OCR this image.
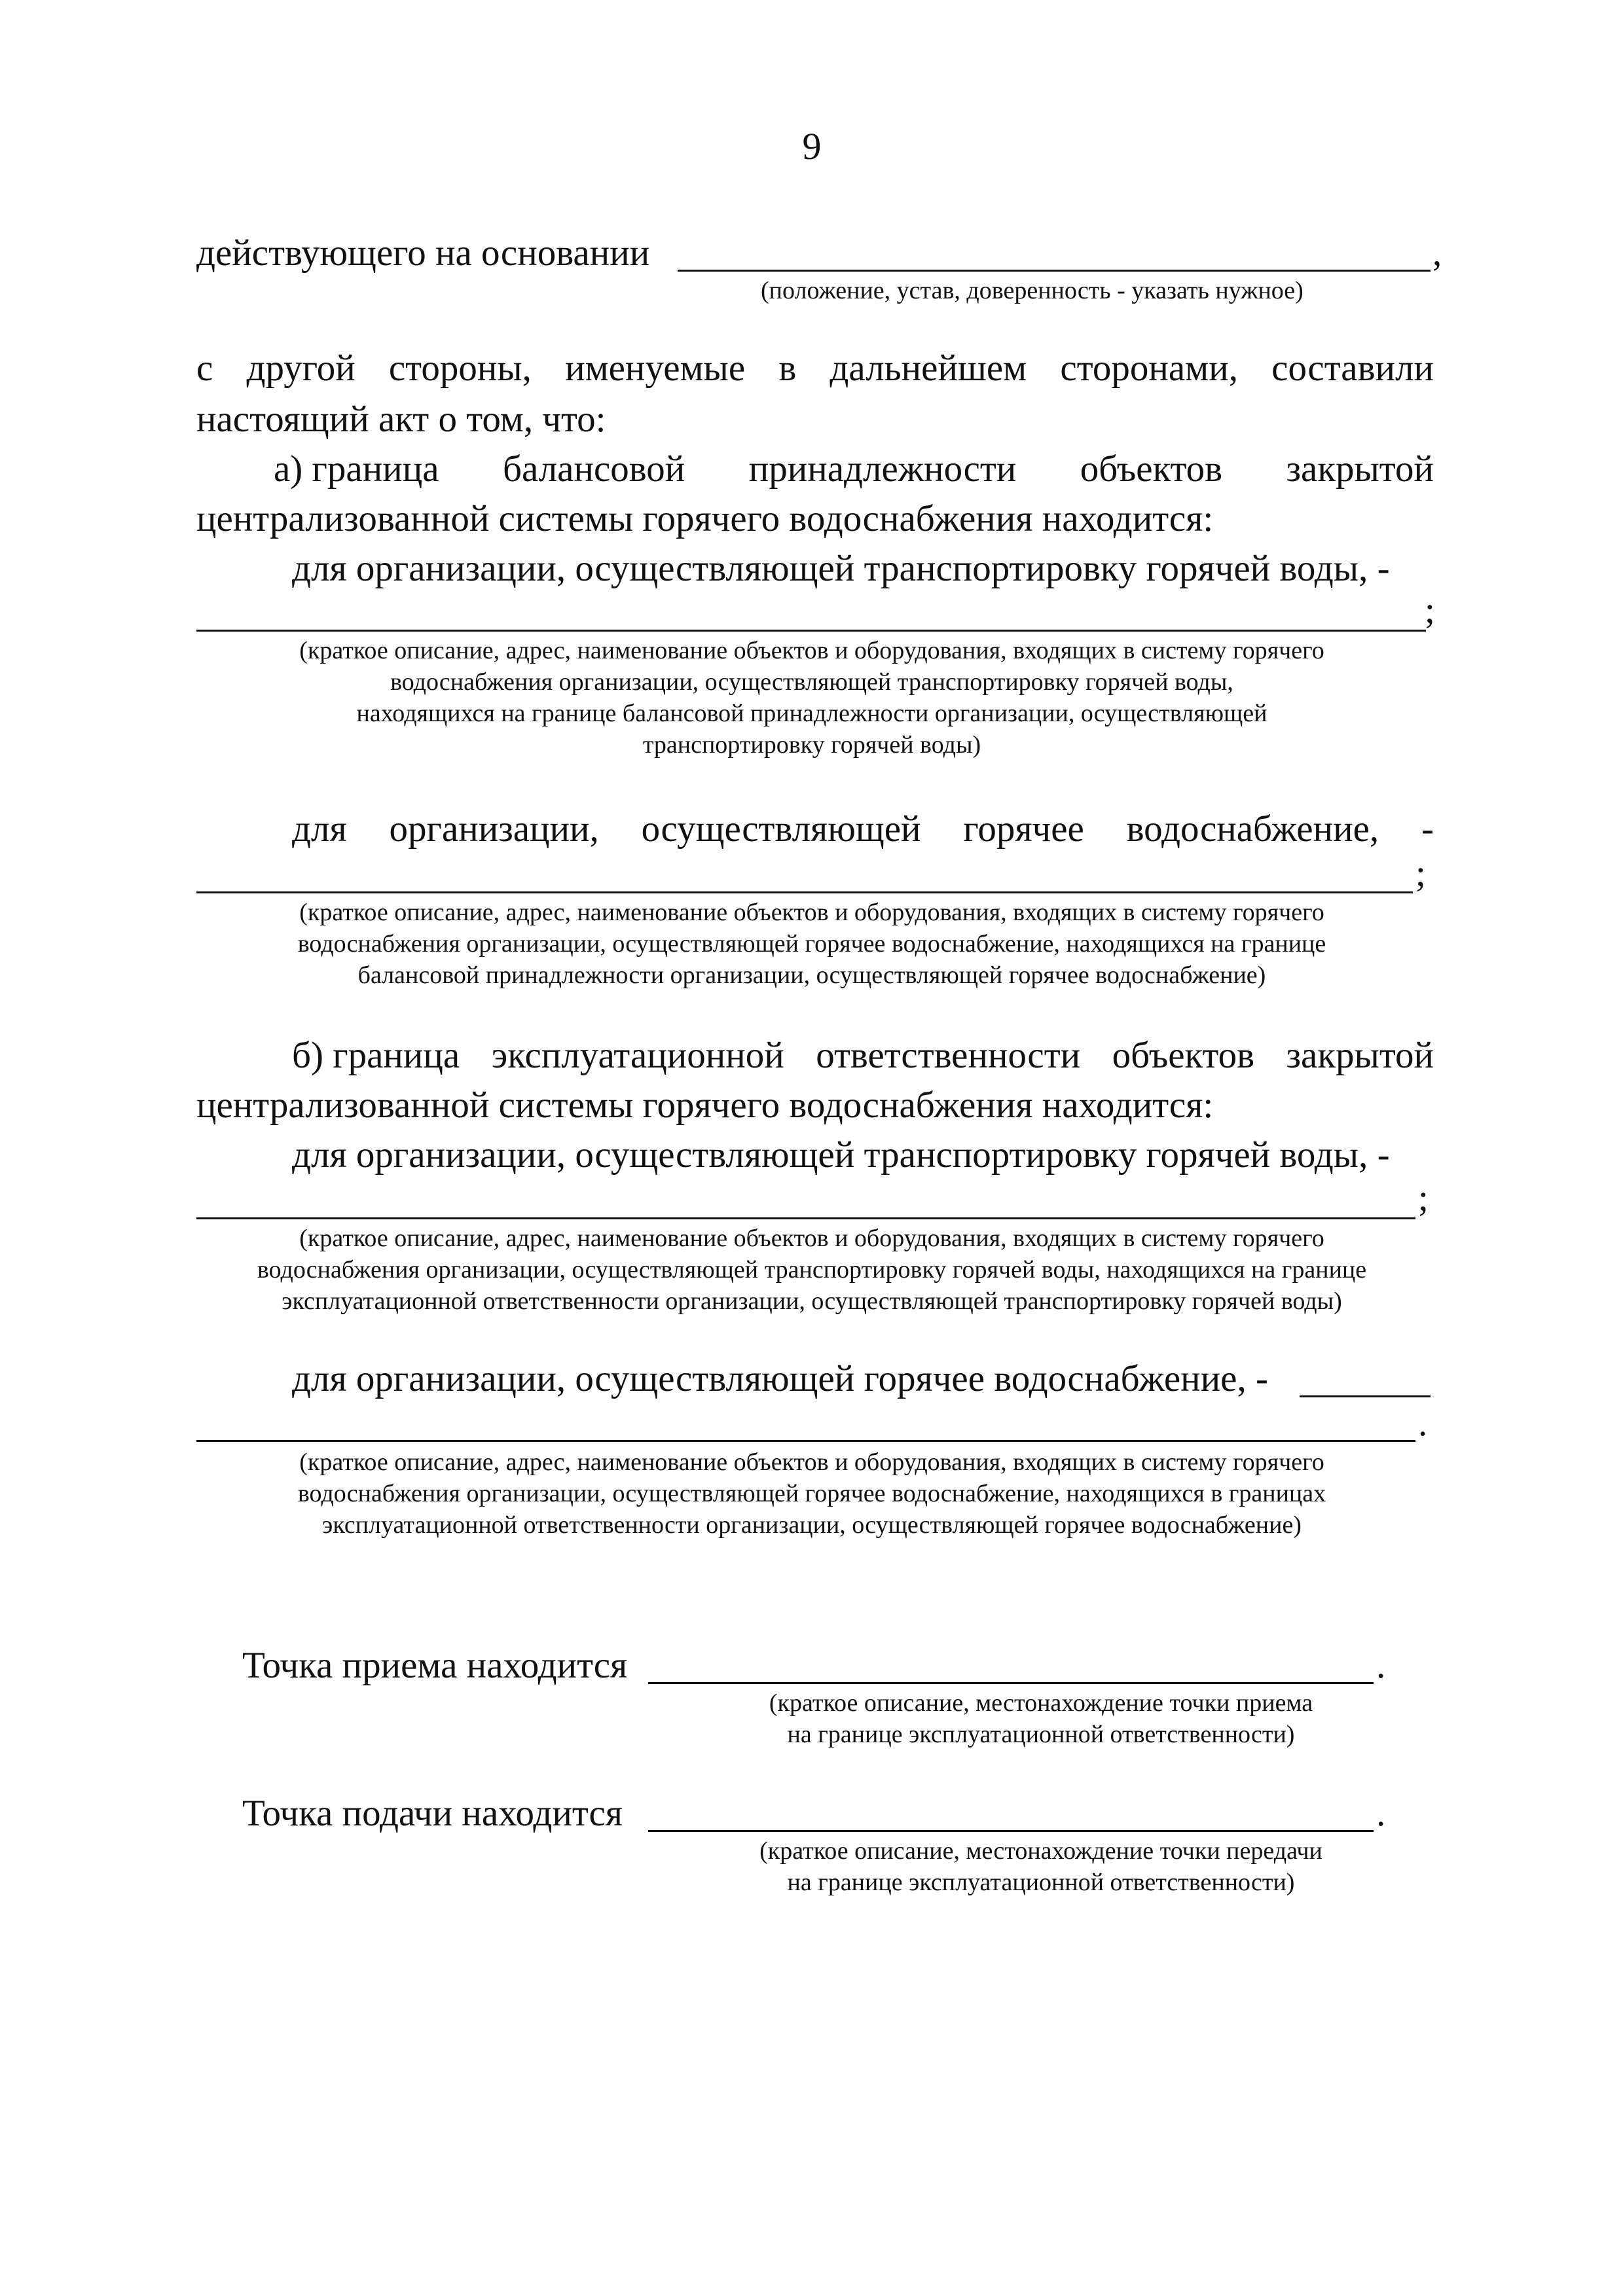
9
действующего на основании	,
(положение, устав, доверенность - указать нужное)
с другой стороны, именуемые в дальнейшем сторонами, составили
настоящий акт о том, что:
а) граница балансовой принадлежности объектов закрытой
централизованной системы горячего водоснабжения находится:
для организации, осуществляющей транспортировку горячей воды, -
;
(краткое описание, адрес, наименование объектов и оборудования, входящих в систему горячего
водоснабжения организации, осуществляющей транспортировку горячей воды,
находящихся на границе балансовой принадлежности организации, осуществляющей
транспортировку горячей воды)
для организации, осуществляющей горячее водоснабжение, -
;
(краткое описание, адрес, наименование объектов и оборудования, входящих в систему горячего
водоснабжения организации, осуществляющей горячее водоснабжение, находящихся на границе
балансовой принадлежности организации, осуществляющей горячее водоснабжение)
б) граница эксплуатационной ответственности объектов закрытой
централизованной системы горячего водоснабжения находится:
для организации, осуществляющей транспортировку горячей воды, -
;
(краткое описание, адрес, наименование объектов и оборудования, входящих в систему горячего
водоснабжения организации, осуществляющей транспортировку горячей воды, находящихся на границе
эксплуатационной ответственности организации, осуществляющей транспортировку горячей воды)
для организации, осуществляющей горячее водоснабжение, -
.
(краткое описание, адрес, наименование объектов и оборудования, входящих в систему горячего
водоснабжения организации, осуществляющей горячее водоснабжение, находящихся в границах
эксплуатационной ответственности организации, осуществляющей горячее водоснабжение)
Точка приема находится	.
(краткое описание, местонахождение точки приема
на границе эксплуатационной ответственности)
Точка подачи находится	.
(краткое описание, местонахождение точки передачи
на границе эксплуатационной ответственности)
